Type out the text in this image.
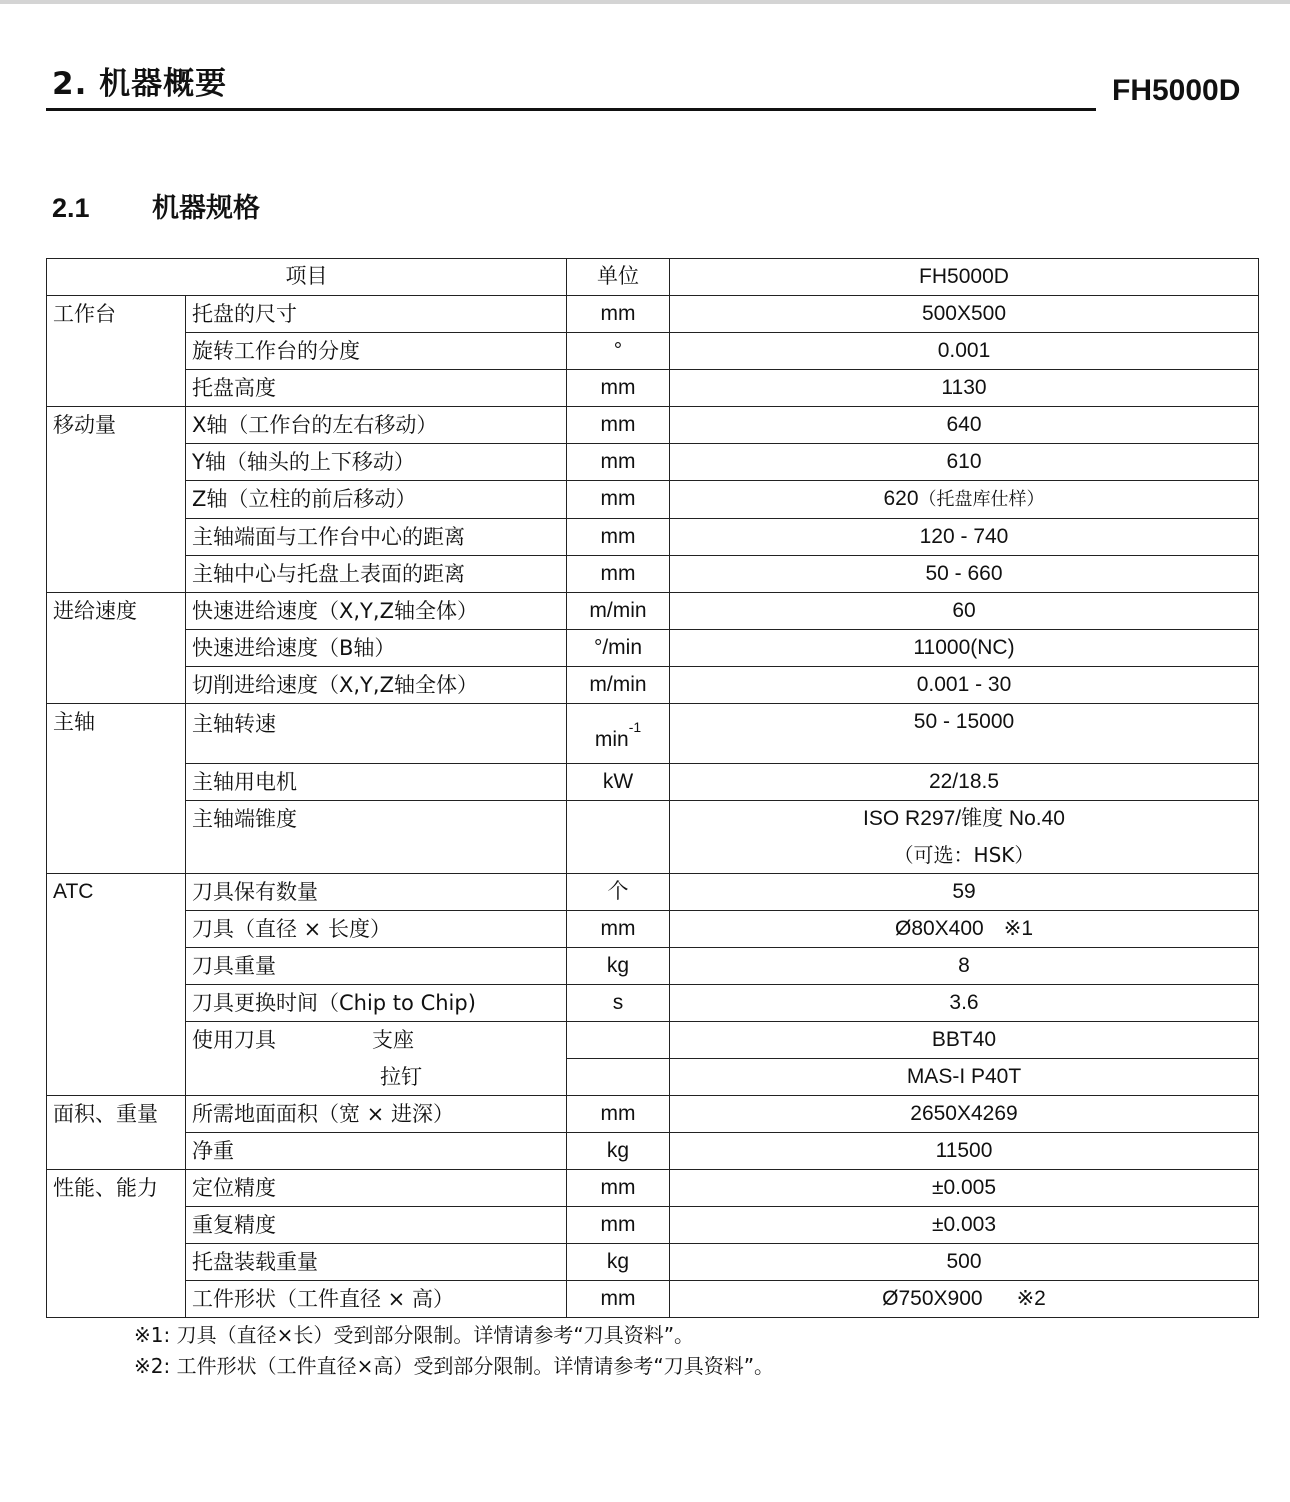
2. 机器概要	FH5000D
2.1 机器规格
项目		单位	FH5000D
工作台	托盘的尺寸	mm	500X500
	旋转工作台的分度	°	0.001
	托盘高度	mm	1130
移动量	X轴（工作台的左右移动）	mm	640
	Y轴（轴头的上下移动）	mm	610
	Z轴（立柱的前后移动）	mm	620（托盘库仕样）
	主轴端面与工作台中心的距离	mm	120 - 740
	主轴中心与托盘上表面的距离	mm	50 - 660
进给速度	快速进给速度（X,Y,Z轴全体）	m/min	60
	快速进给速度（B轴）	°/min	11000(NC)
	切削进给速度（X,Y,Z轴全体）	m/min	0.001 - 30
主轴	主轴转速	$\min^{-1}$	50 - 15000
	主轴用电机	kW	22/18.5
	主轴端锥度		ISO R297/锥度 No.40
（可选：HSK）

ATC	刀具保有数量	个	59
	刀具（直径 × 长度）	mm	Ø80X400 ※1
	刀具重量	kg	8
	刀具更换时间（Chip to Chip)	s	3.6
	使用刀具 支座		BBT40
	拉钉		MAS-I P40T
面积、重量	所需地面面积（宽 × 进深）	mm	2650X4269
	净重	kg	11500
性能、能力	定位精度	mm	±0.005
	重复精度	mm	±0.003
	托盘装载重量	kg	500
	工件形状（工件直径 × 高）	mm	Ø750X900 ※2
※1: 刀具（直径×长）受到部分限制。详情请参考“刀具资料”。
※2: 工件形状（工件直径×高）受到部分限制。详情请参考“刀具资料”。
